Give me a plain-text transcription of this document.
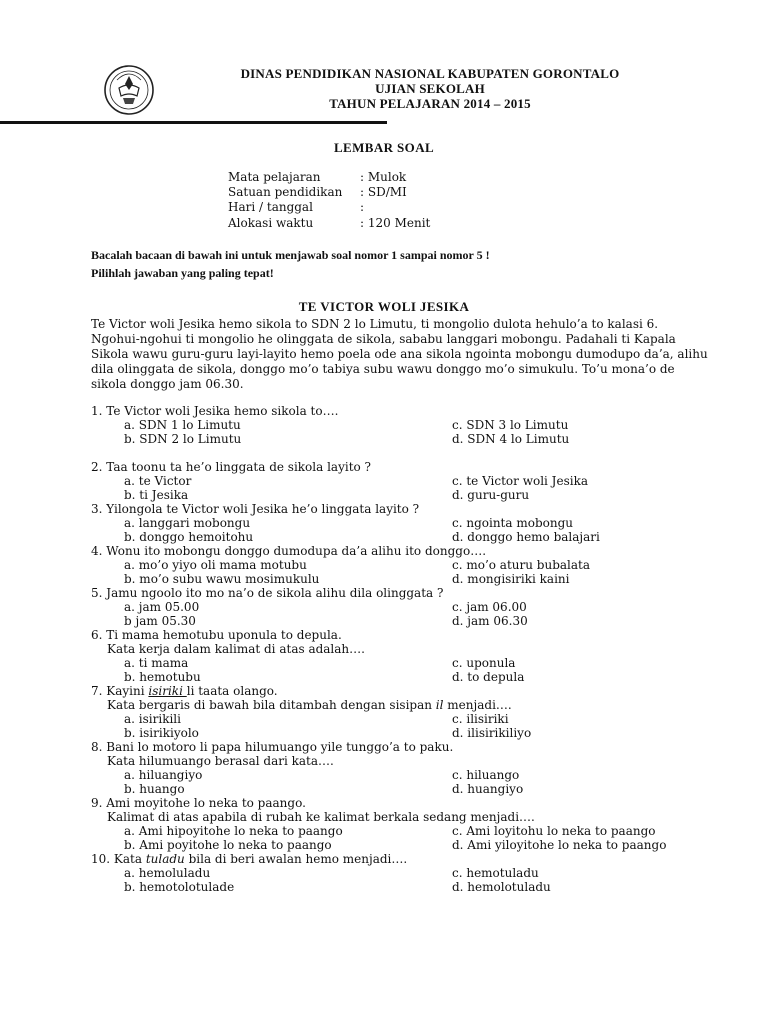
DINAS PENDIDIKAN NASIONAL KABUPATEN GORONTALO
UJIAN SEKOLAH
TAHUN PELAJARAN 2014 – 2015
LEMBAR SOAL
Mata pelajaran	: Mulok
Satuan pendidikan : SD/MI
Hari / tanggal	:
Alokasi waktu	: 120 Menit
Bacalah bacaan di bawah ini untuk menjawab soal nomor 1 sampai nomor 5 !
Pilihlah jawaban yang paling tepat!
TE VICTOR WOLI JESIKA
Te Victor woli Jesika hemo sikola to SDN 2 lo Limutu, ti mongolio dulota hehulo’a to kalasi 6.
Ngohui-ngohui ti mongolio he olinggata de sikola, sababu langgari mobongu. Padahali ti Kapala
Sikola wawu guru-guru layi-layito hemo poela ode ana sikola ngointa mobongu dumodupo da’a, alihu
dila olinggata de sikola, donggo mo’o tabiya subu wawu donggo mo’o simukulu. To’u mona’o de
sikola donggo jam 06.30.
1. Te Victor woli Jesika hemo sikola to….
a. SDN 1 lo Limutu	c. SDN 3 lo Limutu
b. SDN 2 lo Limutu	d. SDN 4 lo Limutu
2. Taa toonu ta he’o linggata de sikola layito ?
a. te Victor	c. te Victor woli Jesika
b. ti Jesika	d. guru-guru
3. Yilongola te Victor woli Jesika he’o linggata layito ?
a. langgari mobongu	c. ngointa mobongu
b. donggo hemoitohu	d. donggo hemo balajari
4. Wonu ito mobongu donggo dumodupa da’a alihu ito donggo….
a. mo’o yiyo oli mama motubu	c. mo’o aturu bubalata
b. mo’o subu wawu mosimukulu	d. mongisiriki kaini
5. Jamu ngoolo ito mo na’o de sikola alihu dila olinggata ?
a. jam 05.00	c. jam 06.00
b jam 05.30	d. jam 06.30
6. Ti mama hemotubu uponula to depula.
Kata kerja dalam kalimat di atas adalah….
a. ti mama	c. uponula
b. hemotubu	d. to depula
7. Kayini isiriki li taata olango.
Kata bergaris di bawah bila ditambah dengan sisipan il menjadi….
a. isirikili	c. ilisiriki
b. isirikiyolo	d. ilisirikiliyo
8. Bani lo motoro li papa hilumuango yile tunggo’a to paku.
Kata hilumuango berasal dari kata….
a. hiluangiyo	c. hiluango
b. huango	d. huangiyo
9. Ami moyitohe lo neka to paango.
Kalimat di atas apabila di rubah ke kalimat berkala sedang menjadi….
a. Ami hipoyitohe lo neka to paango	c. Ami loyitohu lo neka to paango
b. Ami poyitohe lo neka to paango	d. Ami yiloyitohe lo neka to paango
10. Kata tuladu bila di beri awalan hemo menjadi….
a. hemoluladu	c. hemotuladu
b. hemotolotulade	d. hemolotuladu
